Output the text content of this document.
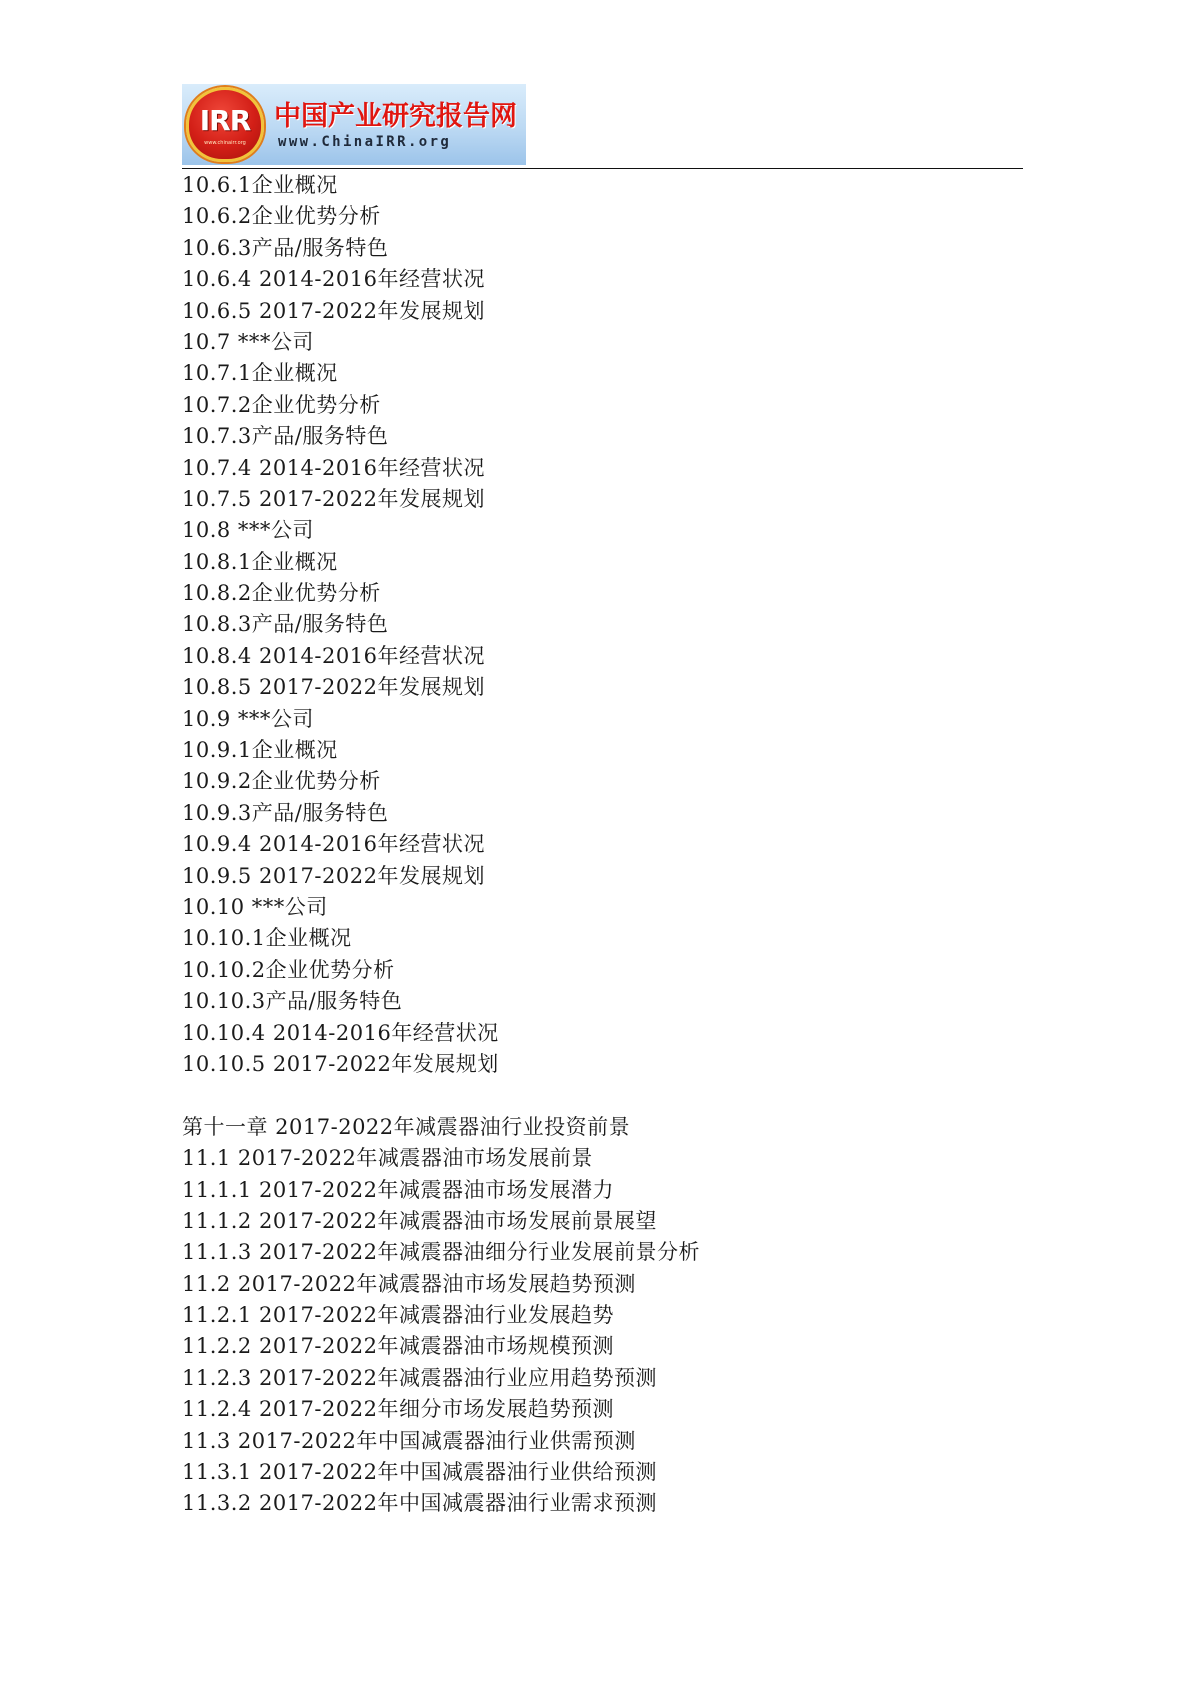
IRR
www.chinairr.org
中国产业研究报告网
www.ChinaIRR.org
10.6.1企业概况
10.6.2企业优势分析
10.6.3产品/服务特色
10.6.4 2014-2016年经营状况
10.6.5 2017-2022年发展规划
10.7 ***公司
10.7.1企业概况
10.7.2企业优势分析
10.7.3产品/服务特色
10.7.4 2014-2016年经营状况
10.7.5 2017-2022年发展规划
10.8 ***公司
10.8.1企业概况
10.8.2企业优势分析
10.8.3产品/服务特色
10.8.4 2014-2016年经营状况
10.8.5 2017-2022年发展规划
10.9 ***公司
10.9.1企业概况
10.9.2企业优势分析
10.9.3产品/服务特色
10.9.4 2014-2016年经营状况
10.9.5 2017-2022年发展规划
10.10 ***公司
10.10.1企业概况
10.10.2企业优势分析
10.10.3产品/服务特色
10.10.4 2014-2016年经营状况
10.10.5 2017-2022年发展规划
第十一章 2017-2022年减震器油行业投资前景
11.1 2017-2022年减震器油市场发展前景
11.1.1 2017-2022年减震器油市场发展潜力
11.1.2 2017-2022年减震器油市场发展前景展望
11.1.3 2017-2022年减震器油细分行业发展前景分析
11.2 2017-2022年减震器油市场发展趋势预测
11.2.1 2017-2022年减震器油行业发展趋势
11.2.2 2017-2022年减震器油市场规模预测
11.2.3 2017-2022年减震器油行业应用趋势预测
11.2.4 2017-2022年细分市场发展趋势预测
11.3 2017-2022年中国减震器油行业供需预测
11.3.1 2017-2022年中国减震器油行业供给预测
11.3.2 2017-2022年中国减震器油行业需求预测
